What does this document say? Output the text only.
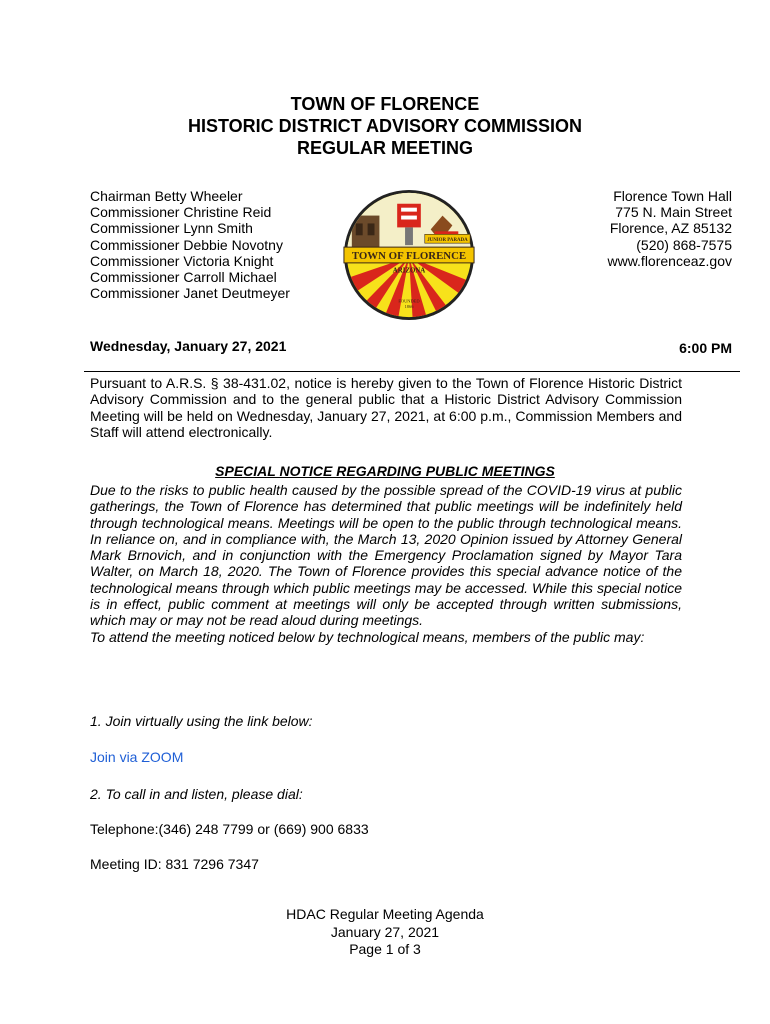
TOWN OF FLORENCE
HISTORIC DISTRICT ADVISORY COMMISSION
REGULAR MEETING
Chairman Betty Wheeler
Commissioner Christine Reid
Commissioner Lynn Smith
Commissioner Debbie Novotny
Commissioner Victoria Knight
Commissioner Carroll Michael
Commissioner Janet Deutmeyer
TOWN OF FLORENCE
JUNIOR PARADA
ARIZONA
FOUNDED
1866
Florence Town Hall
775 N. Main Street
Florence, AZ 85132
(520) 868-7575
www.florenceaz.gov
Wednesday, January 27, 2021	6:00 PM
Pursuant to A.R.S. § 38-431.02, notice is hereby given to the Town of Florence Historic District Advisory Commission and to the general public that a Historic District Advisory Commission Meeting will be held on Wednesday, January 27, 2021, at 6:00 p.m., Commission Members and Staff will attend electronically.
SPECIAL NOTICE REGARDING PUBLIC MEETINGS
Due to the risks to public health caused by the possible spread of the COVID-19 virus at public gatherings, the Town of Florence has determined that public meetings will be indefinitely held through technological means. Meetings will be open to the public through technological means. In reliance on, and in compliance with, the March 13, 2020 Opinion issued by Attorney General Mark Brnovich, and in conjunction with the Emergency Proclamation signed by Mayor Tara Walter, on March 18, 2020. The Town of Florence provides this special advance notice of the technological means through which public meetings may be accessed. While this special notice is in effect, public comment at meetings will only be accepted through written submissions, which may or may not be read aloud during meetings.
To attend the meeting noticed below by technological means, members of the public may:
1. Join virtually using the link below:
Join via ZOOM
2. To call in and listen, please dial:
Telephone:(346) 248 7799 or (669) 900 6833
Meeting ID: 831 7296 7347
HDAC Regular Meeting Agenda
January 27, 2021
Page 1 of 3
